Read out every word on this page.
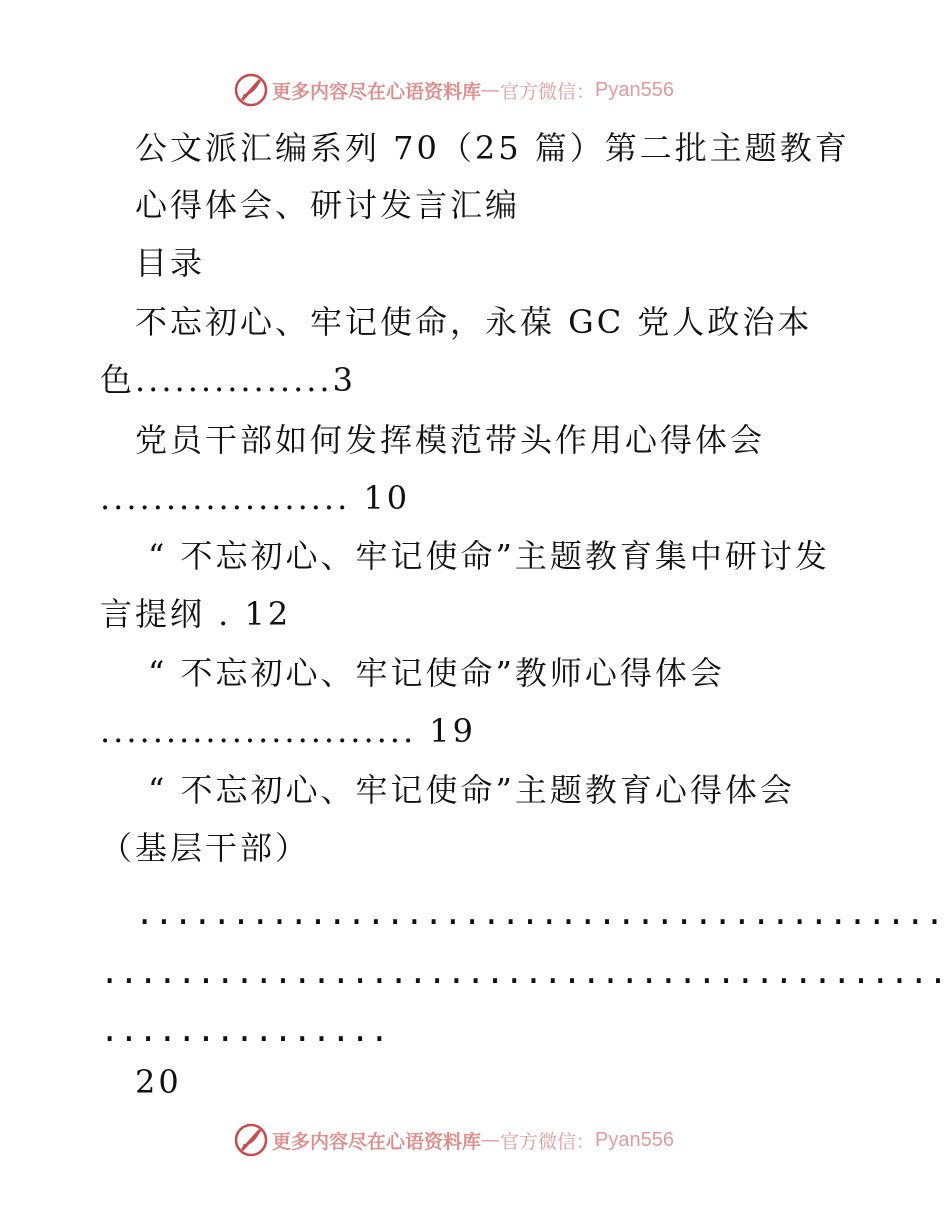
更多内容尽在心语资料库 — 官方微信： Pyan556
公文派汇编系列 70（25 篇）第二批主题教育
心得体会、研讨发言汇编
目录
不忘初心、牢记使命，永葆 GC 党人政治本
色...............3
党员干部如何发挥模范带头作用心得体会
................... 10
“ 不忘初心、牢记使命”主题教育集中研讨发
言提纲 . 12
“ 不忘初心、牢记使命”教师心得体会
........................ 19
“ 不忘初心、牢记使命”主题教育心得体会
（基层干部）
..........................................
............................................
...............
20
更多内容尽在心语资料库 — 官方微信： Pyan556
